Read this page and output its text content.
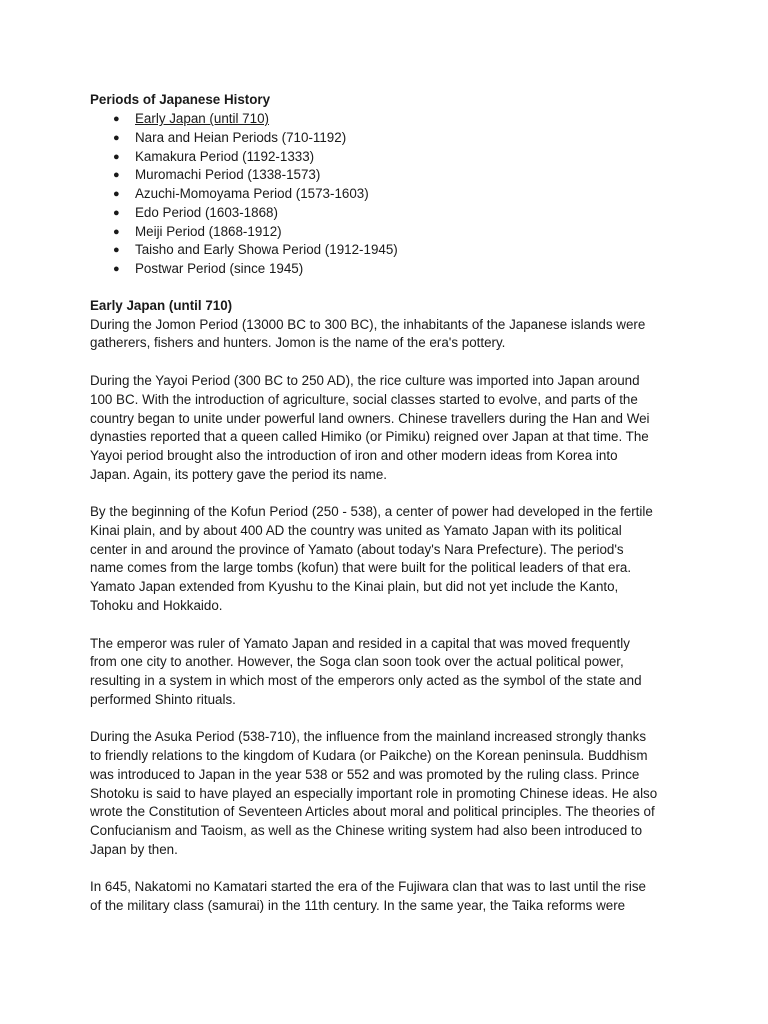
Periods of Japanese History
● Early Japan (until 710)
● Nara and Heian Periods (710-1192)
● Kamakura Period (1192-1333)
● Muromachi Period (1338-1573)
● Azuchi-Momoyama Period (1573-1603)
● Edo Period (1603-1868)
● Meiji Period (1868-1912)
● Taisho and Early Showa Period (1912-1945)
● Postwar Period (since 1945)
Early Japan (until 710)

During the Jomon Period (13000 BC to 300 BC), the inhabitants of the Japanese islands were
gatherers, fishers and hunters. Jomon is the name of the era's pottery.

During the Yayoi Period (300 BC to 250 AD), the rice culture was imported into Japan around
100 BC. With the introduction of agriculture, social classes started to evolve, and parts of the
country began to unite under powerful land owners. Chinese travellers during the Han and Wei
dynasties reported that a queen called Himiko (or Pimiku) reigned over Japan at that time. The
Yayoi period brought also the introduction of iron and other modern ideas from Korea into
Japan. Again, its pottery gave the period its name.

By the beginning of the Kofun Period (250 - 538), a center of power had developed in the fertile
Kinai plain, and by about 400 AD the country was united as Yamato Japan with its political
center in and around the province of Yamato (about today's Nara Prefecture). The period's
name comes from the large tombs (kofun) that were built for the political leaders of that era.
Yamato Japan extended from Kyushu to the Kinai plain, but did not yet include the Kanto,
Tohoku and Hokkaido.

The emperor was ruler of Yamato Japan and resided in a capital that was moved frequently
from one city to another. However, the Soga clan soon took over the actual political power,
resulting in a system in which most of the emperors only acted as the symbol of the state and
performed Shinto rituals.

During the Asuka Period (538-710), the influence from the mainland increased strongly thanks
to friendly relations to the kingdom of Kudara (or Paikche) on the Korean peninsula. Buddhism
was introduced to Japan in the year 538 or 552 and was promoted by the ruling class. Prince
Shotoku is said to have played an especially important role in promoting Chinese ideas. He also
wrote the Constitution of Seventeen Articles about moral and political principles. The theories of
Confucianism and Taoism, as well as the Chinese writing system had also been introduced to
Japan by then.

In 645, Nakatomi no Kamatari started the era of the Fujiwara clan that was to last until the rise
of the military class (samurai) in the 11th century. In the same year, the Taika reforms were
